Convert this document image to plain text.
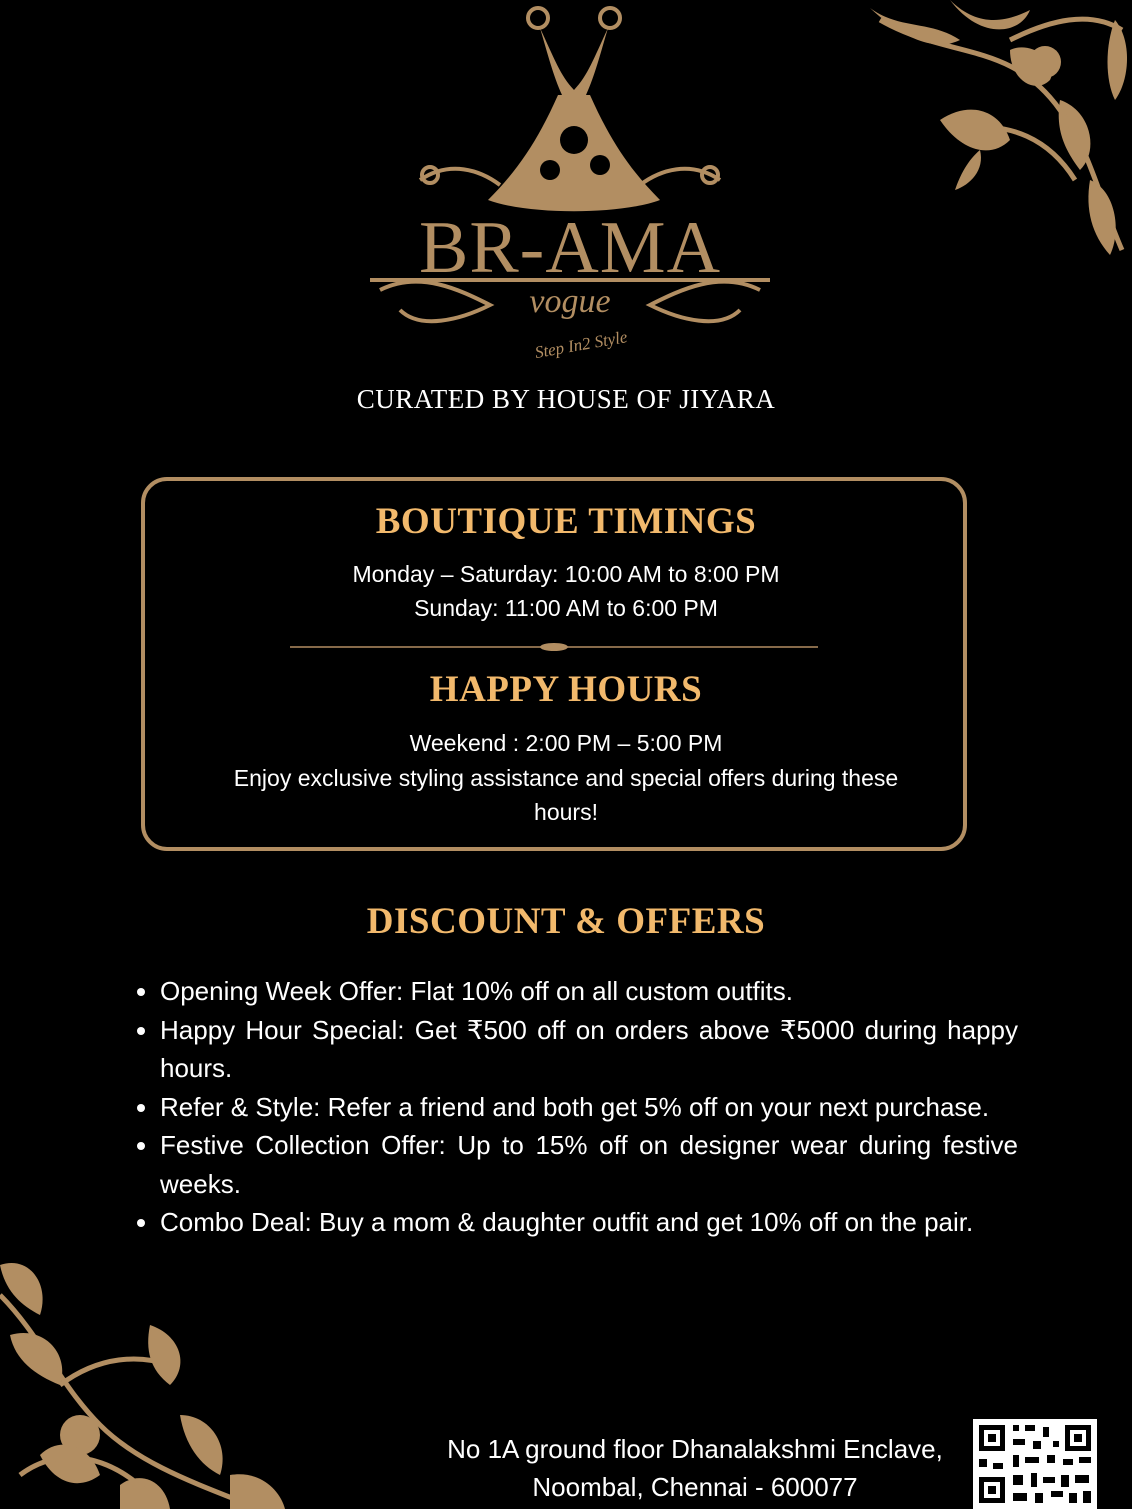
BR-AMA
vogue
Step In2 Style
CURATED BY HOUSE OF JIYARA
BOUTIQUE TIMINGS
Monday – Saturday: 10:00 AM to 8:00 PM
Sunday: 11:00 AM to 6:00 PM
HAPPY HOURS
Weekend : 2:00 PM – 5:00 PM
Enjoy exclusive styling assistance and special offers during these
hours!
DISCOUNT & OFFERS
Opening Week Offer: Flat 10% off on all custom outfits.
Happy Hour Special: Get ₹500 off on orders above ₹5000 during happy hours.
Refer & Style: Refer a friend and both get 5% off on your next purchase.
Festive Collection Offer: Up to 15% off on designer wear during festive weeks.
Combo Deal: Buy a mom & daughter outfit and get 10% off on the pair.
No 1A ground floor Dhanalakshmi Enclave,
Noombal, Chennai - 600077
